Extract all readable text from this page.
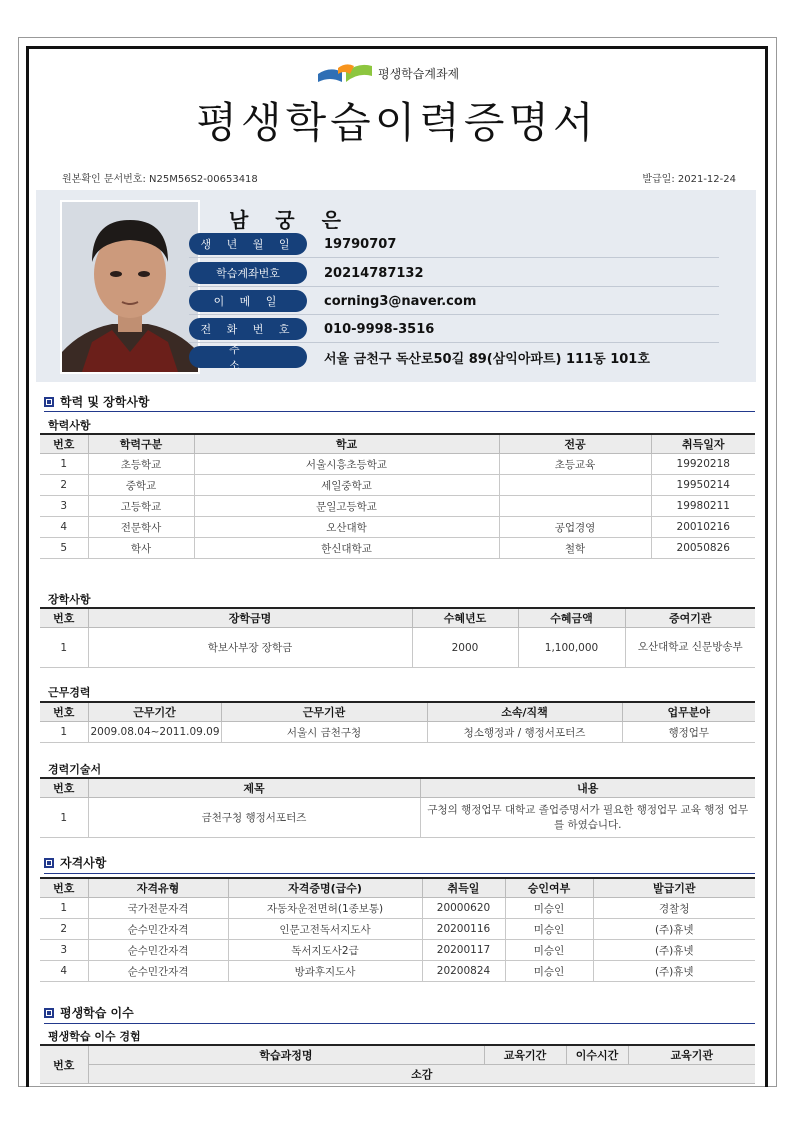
평생학습계좌제
평생학습이력증명서
원본확인 문서번호: N25M56S2-00653418	발급일: 2021-12-24
남 궁 은
생 년 월 일	19790707
학습계좌번호	20214787132
이 메 일	corning3@naver.com
전 화 번 호	010-9998-3516
주 소	서울 금천구 독산로50길 89(삼익아파트) 111동 101호
학력 및 장학사항
학력사항
번호	학력구분	학교	전공	취득일자
1	초등학교	서울시흥초등학교	초등교육	19920218
2	중학교	세일중학교		19950214
3	고등학교	문일고등학교		19980211
4	전문학사	오산대학	공업경영	20010216
5	학사	한신대학교	철학	20050826
장학사항
번호	장학금명	수혜년도	수혜금액	증여기관
1	학보사부장 장학금	2000	1,100,000	오산대학교 신문방송부
근무경력
번호	근무기간	근무기관	소속/직책	업무분야
1	2009.08.04~2011.09.09	서울시 금천구청	청소행정과 / 행정서포터즈	행정업무
경력기술서
번호	제목	내용
1	금천구청 행정서포터즈	구청의 행정업무 대학교 졸업증명서가 필요한 행정업무 교육 행정 업무를 하였습니다.
자격사항
번호	자격유형	자격증명(급수)	취득일	승인여부	발급기관
1	국가전문자격	자동차운전면허(1종보통)	20000620	미승인	경찰청
2	순수민간자격	인문고전독서지도사	20200116	미승인	(주)휴넷
3	순수민간자격	독서지도사2급	20200117	미승인	(주)휴넷
4	순수민간자격	방과후지도사	20200824	미승인	(주)휴넷
평생학습 이수
평생학습 이수 경험
번호	학습과정명	교육기간	이수시간	교육기관
소감
